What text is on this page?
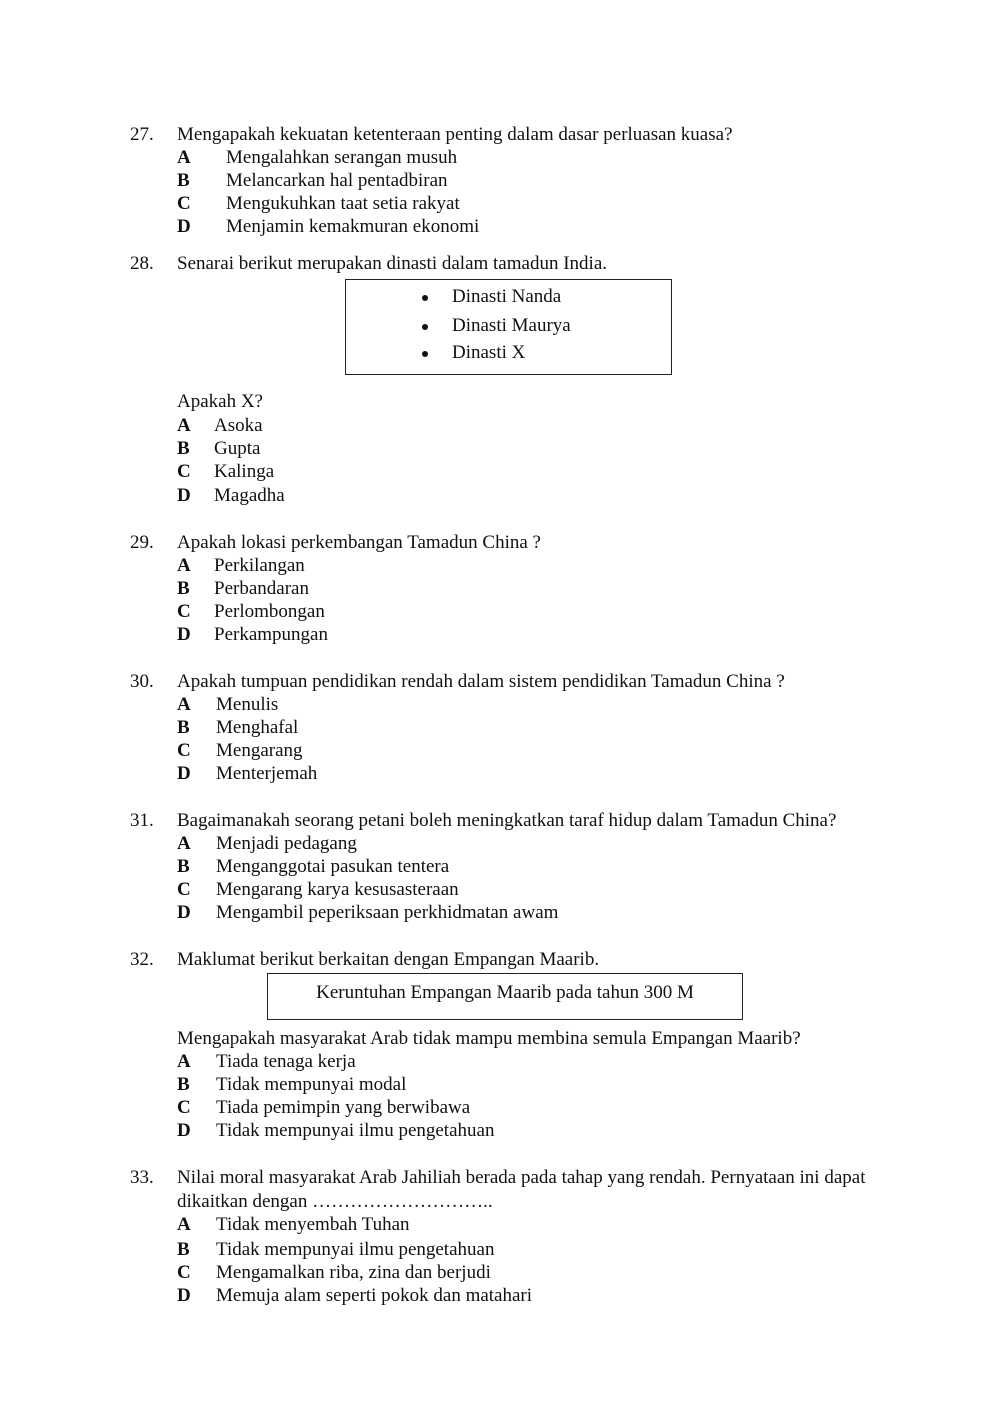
27. Mengapakah kekuatan ketenteraan penting dalam dasar perluasan kuasa?
A Mengalahkan serangan musuh
B Melancarkan hal pentadbiran
C Mengukuhkan taat setia rakyat
D Menjamin kemakmuran ekonomi
28. Senarai berikut merupakan dinasti dalam tamadun India.
Dinasti Nanda
Dinasti Maurya
Dinasti X
Apakah X?
A Asoka
B Gupta
C Kalinga
D Magadha
29. Apakah lokasi perkembangan Tamadun China ?
A Perkilangan
B Perbandaran
C Perlombongan
D Perkampungan
30. Apakah tumpuan pendidikan rendah dalam sistem pendidikan Tamadun China ?
A Menulis
B Menghafal
C Mengarang
D Menterjemah
31. Bagaimanakah seorang petani boleh meningkatkan taraf hidup dalam Tamadun China?
A Menjadi pedagang
B Menganggotai pasukan tentera
C Mengarang karya kesusasteraan
D Mengambil peperiksaan perkhidmatan awam
32. Maklumat berikut berkaitan dengan Empangan Maarib.
Keruntuhan Empangan Maarib pada tahun 300 M
Mengapakah masyarakat Arab tidak mampu membina semula Empangan Maarib?
A Tiada tenaga kerja
B Tidak mempunyai modal
C Tiada pemimpin yang berwibawa
D Tidak mempunyai ilmu pengetahuan
33. Nilai moral masyarakat Arab Jahiliah berada pada tahap yang rendah. Pernyataan ini dapat dikaitkan dengan ………………………..
A Tidak menyembah Tuhan
B Tidak mempunyai ilmu pengetahuan
C Mengamalkan riba, zina dan berjudi
D Memuja alam seperti pokok dan matahari
